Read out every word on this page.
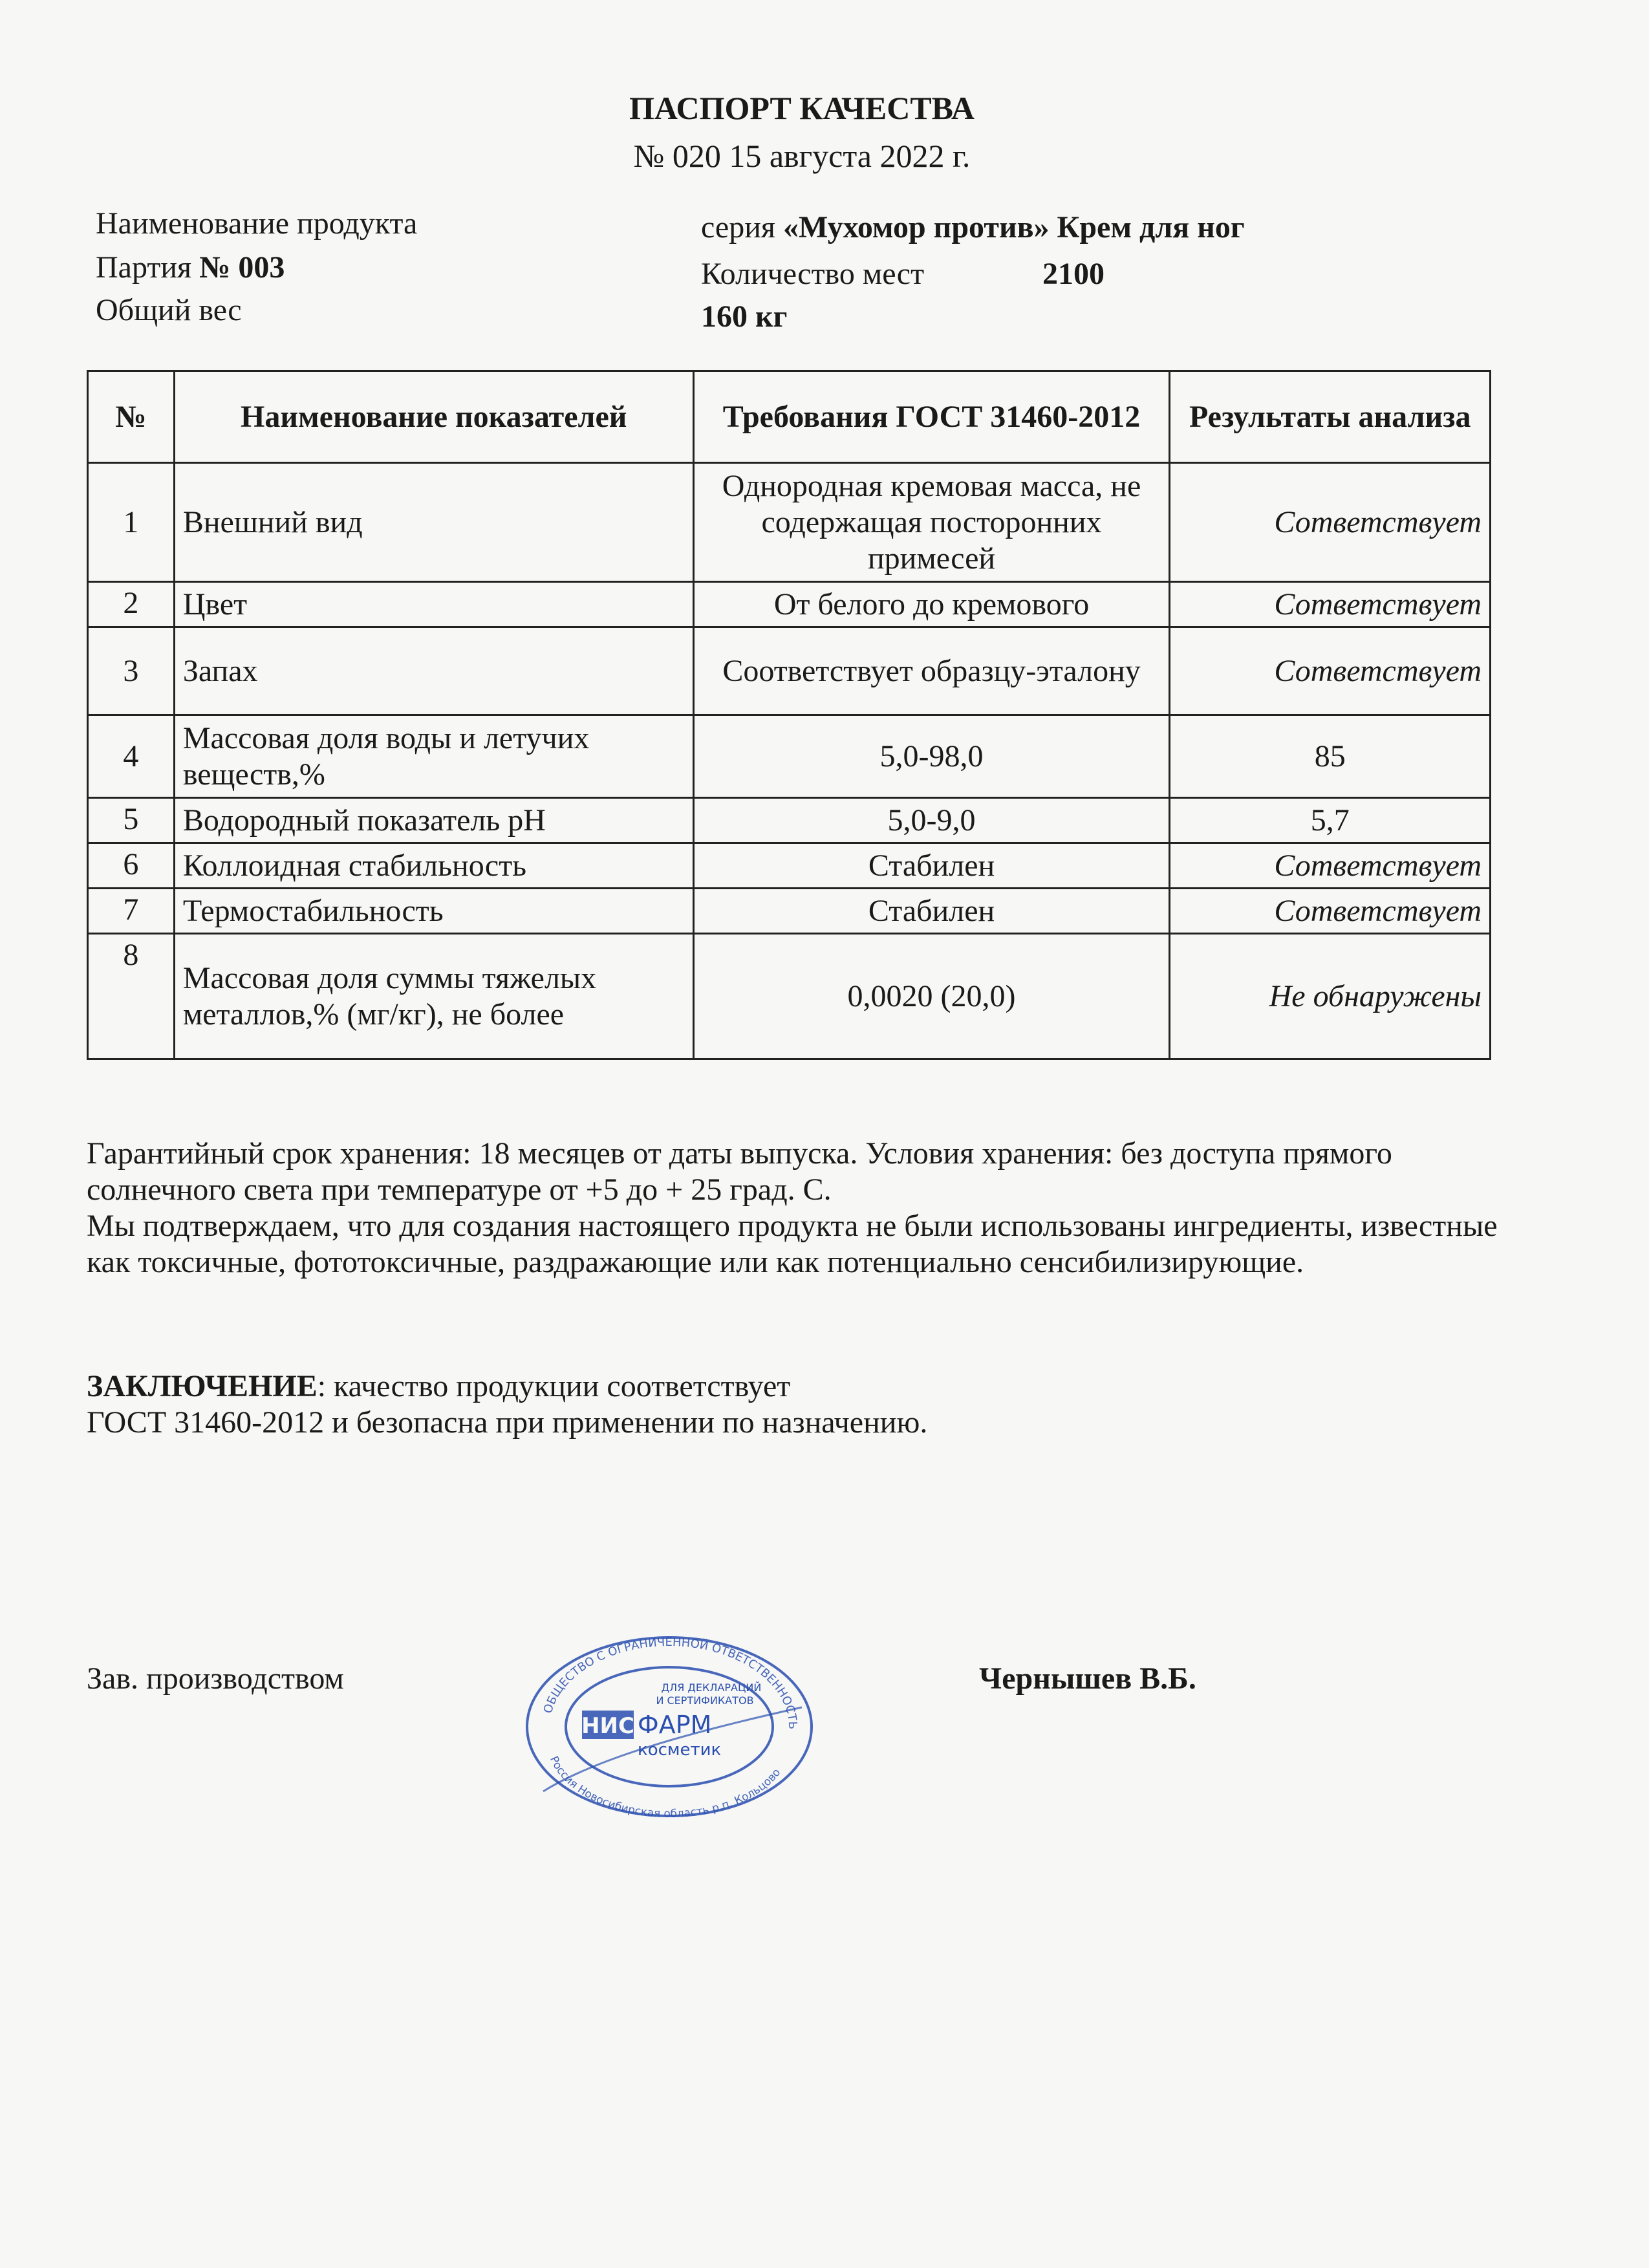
ПАСПОРТ КАЧЕСТВА
№ 020 15 августа 2022 г.
Наименование продукта	серия «Мухомор против» Крем для ног
Партия № 003	Количество мест	2100
Общий вес	160 кг
№	Наименование показателей	Требования ГОСТ 31460-2012	Результаты анализа
1	Внешний вид	Однородная кремовая масса, не содержащая посторонних примесей	Сответствует
2	Цвет	От белого до кремового	Сответствует
3	Запах	Соответствует образцу-эталону	Сответствует
4	Массовая доля воды и летучих веществ,%	5,0-98,0	85
5	Водородный показатель pH	5,0-9,0	5,7
6	Коллоидная стабильность	Стабилен	Сответствует
7	Термостабильность	Стабилен	Сответствует
8	Массовая доля суммы тяжелых металлов,% (мг/кг), не более	0,0020 (20,0)	Не обнаружены

Гарантийный срок хранения: 18 месяцев от даты выпуска. Условия хранения: без доступа прямого солнечного света при температуре от +5 до + 25 град. С.

Мы подтверждаем, что для создания настоящего продукта не были использованы ингредиенты, известные как токсичные, фототоксичные, раздражающие или как потенциально сенсибилизирующие.

ЗАКЛЮЧЕНИЕ: качество продукции соответствует

ГОСТ 31460-2012 и безопасна при применении по назначению.

Зав. производством	Чернышев В.Б.
ОБЩЕСТВО С ОГРАНИЧЕННОЙ ОТВЕТСТВЕННОСТЬ
Россия Новосибирская область р.п. Кольцово
ДЛЯ ДЕКЛАРАЦИЙ
И СЕРТИФИКАТОВ
НИС ФАРМ
косметик
